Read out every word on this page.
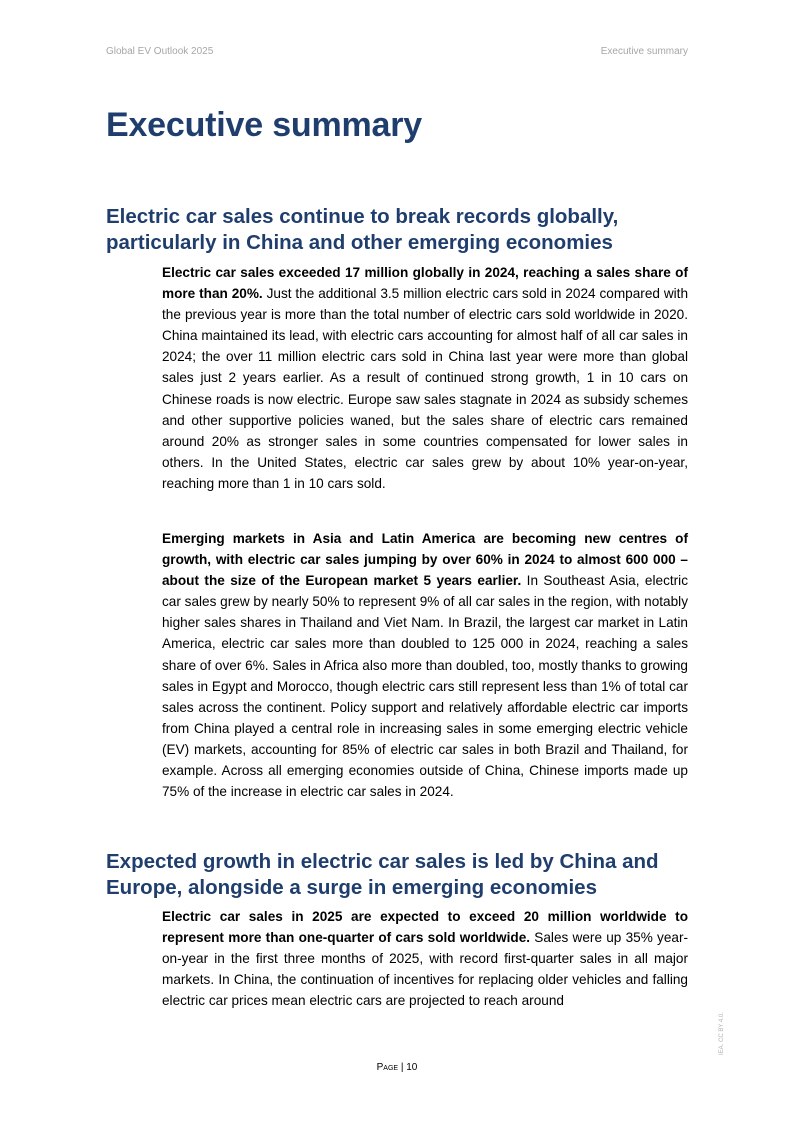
Global EV Outlook 2025	Executive summary
Executive summary
Electric car sales continue to break records globally, particularly in China and other emerging economies

Electric car sales exceeded 17 million globally in 2024, reaching a sales share of more than 20%. Just the additional 3.5 million electric cars sold in 2024 compared with the previous year is more than the total number of electric cars sold worldwide in 2020. China maintained its lead, with electric cars accounting for almost half of all car sales in 2024; the over 11 million electric cars sold in China last year were more than global sales just 2 years earlier. As a result of continued strong growth, 1 in 10 cars on Chinese roads is now electric. Europe saw sales stagnate in 2024 as subsidy schemes and other supportive policies waned, but the sales share of electric cars remained around 20% as stronger sales in some countries compensated for lower sales in others. In the United States, electric car sales grew by about 10% year-on-year, reaching more than 1 in 10 cars sold.

Emerging markets in Asia and Latin America are becoming new centres of growth, with electric car sales jumping by over 60% in 2024 to almost 600 000 – about the size of the European market 5 years earlier. In Southeast Asia, electric car sales grew by nearly 50% to represent 9% of all car sales in the region, with notably higher sales shares in Thailand and Viet Nam. In Brazil, the largest car market in Latin America, electric car sales more than doubled to 125 000 in 2024, reaching a sales share of over 6%. Sales in Africa also more than doubled, too, mostly thanks to growing sales in Egypt and Morocco, though electric cars still represent less than 1% of total car sales across the continent. Policy support and relatively affordable electric car imports from China played a central role in increasing sales in some emerging electric vehicle (EV) markets, accounting for 85% of electric car sales in both Brazil and Thailand, for example. Across all emerging economies outside of China, Chinese imports made up 75% of the increase in electric car sales in 2024.

Expected growth in electric car sales is led by China and Europe, alongside a surge in emerging economies

Electric car sales in 2025 are expected to exceed 20 million worldwide to represent more than one-quarter of cars sold worldwide. Sales were up 35% year-on-year in the first three months of 2025, with record first-quarter sales in all major markets. In China, the continuation of incentives for replacing older vehicles and falling electric car prices mean electric cars are projected to reach around

Page | 10
IEA. CC BY 4.0.
